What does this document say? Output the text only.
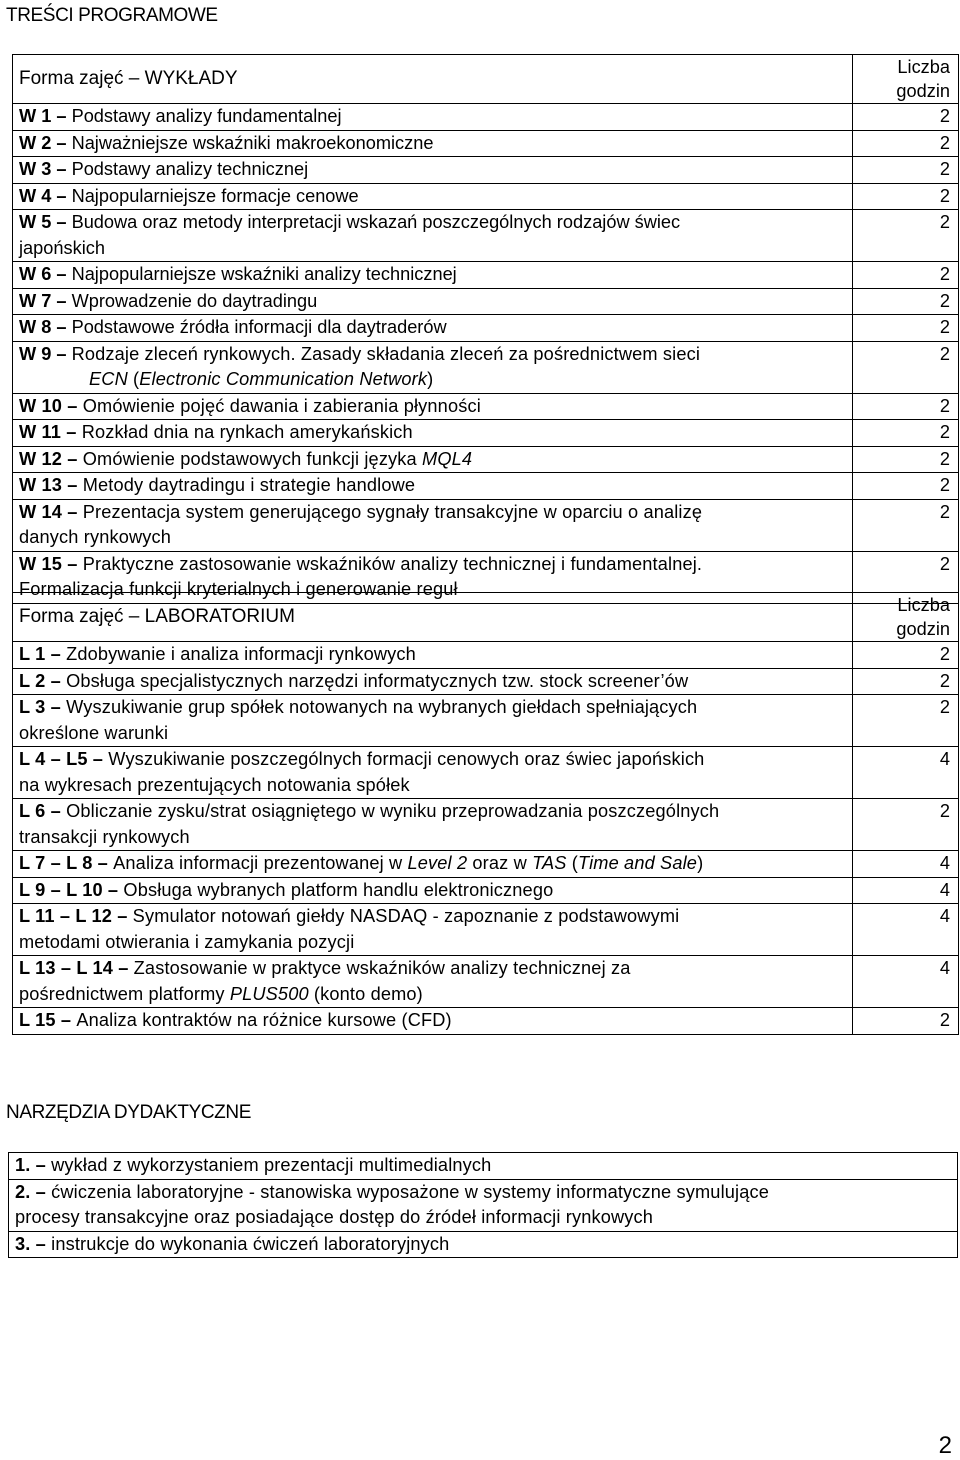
TREŚCI PROGRAMOWE
Forma zajęć – WYKŁADY	Liczba
godzin

W 1 – Podstawy analizy fundamentalnej	2
W 2 – Najważniejsze wskaźniki makroekonomiczne	2
W 3 – Podstawy analizy technicznej	2
W 4 – Najpopularniejsze formacje cenowe	2
W 5 – Budowa oraz metody interpretacji wskazań poszczególnych rodzajów świec
japońskich	2
W 6 – Najpopularniejsze wskaźniki analizy technicznej	2
W 7 – Wprowadzenie do daytradingu	2
W 8 – Podstawowe źródła informacji dla daytraderów	2
W 9 – Rodzaje zleceń rynkowych. Zasady składania zleceń za pośrednictwem sieci
ECN (Electronic Communication Network)	2
W 10 – Omówienie pojęć dawania i zabierania płynności	2
W 11 – Rozkład dnia na rynkach amerykańskich	2
W 12 – Omówienie podstawowych funkcji języka MQL4	2
W 13 – Metody daytradingu i strategie handlowe	2
W 14 – Prezentacja system generującego sygnały transakcyjne w oparciu o analizę
danych rynkowych	2
W 15 – Praktyczne zastosowanie wskaźników analizy technicznej i fundamentalnej.
Formalizacja funkcji kryterialnych i generowanie reguł	2
Forma zajęć – LABORATORIUM	Liczba
godzin

L 1 – Zdobywanie i analiza informacji rynkowych	2
L 2 – Obsługa specjalistycznych narzędzi informatycznych tzw. stock screener’ów	2
L 3 – Wyszukiwanie grup spółek notowanych na wybranych giełdach spełniających
określone warunki	2
L 4 – L5 – Wyszukiwanie poszczególnych formacji cenowych oraz świec japońskich
na wykresach prezentujących notowania spółek	4
L 6 – Obliczanie zysku/strat osiągniętego w wyniku przeprowadzania poszczególnych
transakcji rynkowych	2
L 7 – L 8 – Analiza informacji prezentowanej w Level 2 oraz w TAS (Time and Sale)	4
L 9 – L 10 – Obsługa wybranych platform handlu elektronicznego	4
L 11 – L 12 – Symulator notowań giełdy NASDAQ - zapoznanie z podstawowymi
metodami otwierania i zamykania pozycji	4
L 13 – L 14 – Zastosowanie w praktyce wskaźników analizy technicznej za
pośrednictwem platformy PLUS500 (konto demo)	4
L 15 – Analiza kontraktów na różnice kursowe (CFD)	2
NARZĘDZIA DYDAKTYCZNE
1. – wykład z wykorzystaniem prezentacji multimedialnych
2. – ćwiczenia laboratoryjne - stanowiska wyposażone w systemy informatyczne symulujące
procesy transakcyjne oraz posiadające dostęp do źródeł informacji rynkowych
3. – instrukcje do wykonania ćwiczeń laboratoryjnych
2
